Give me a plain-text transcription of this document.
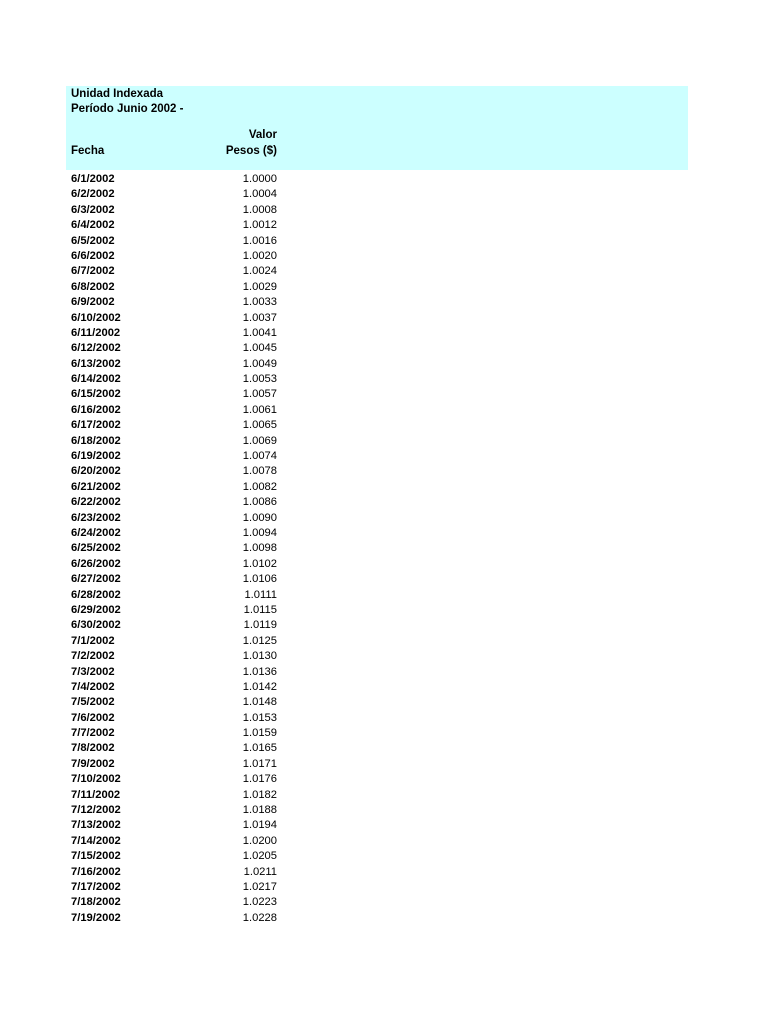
Unidad Indexada
Período Junio 2002 -
Valor
Pesos ($)
Fecha
6/1/2002	1.0000
6/2/2002	1.0004
6/3/2002	1.0008
6/4/2002	1.0012
6/5/2002	1.0016
6/6/2002	1.0020
6/7/2002	1.0024
6/8/2002	1.0029
6/9/2002	1.0033
6/10/2002	1.0037
6/11/2002	1.0041
6/12/2002	1.0045
6/13/2002	1.0049
6/14/2002	1.0053
6/15/2002	1.0057
6/16/2002	1.0061
6/17/2002	1.0065
6/18/2002	1.0069
6/19/2002	1.0074
6/20/2002	1.0078
6/21/2002	1.0082
6/22/2002	1.0086
6/23/2002	1.0090
6/24/2002	1.0094
6/25/2002	1.0098
6/26/2002	1.0102
6/27/2002	1.0106
6/28/2002	1.0111
6/29/2002	1.0115
6/30/2002	1.0119
7/1/2002	1.0125
7/2/2002	1.0130
7/3/2002	1.0136
7/4/2002	1.0142
7/5/2002	1.0148
7/6/2002	1.0153
7/7/2002	1.0159
7/8/2002	1.0165
7/9/2002	1.0171
7/10/2002	1.0176
7/11/2002	1.0182
7/12/2002	1.0188
7/13/2002	1.0194
7/14/2002	1.0200
7/15/2002	1.0205
7/16/2002	1.0211
7/17/2002	1.0217
7/18/2002	1.0223
7/19/2002	1.0228
